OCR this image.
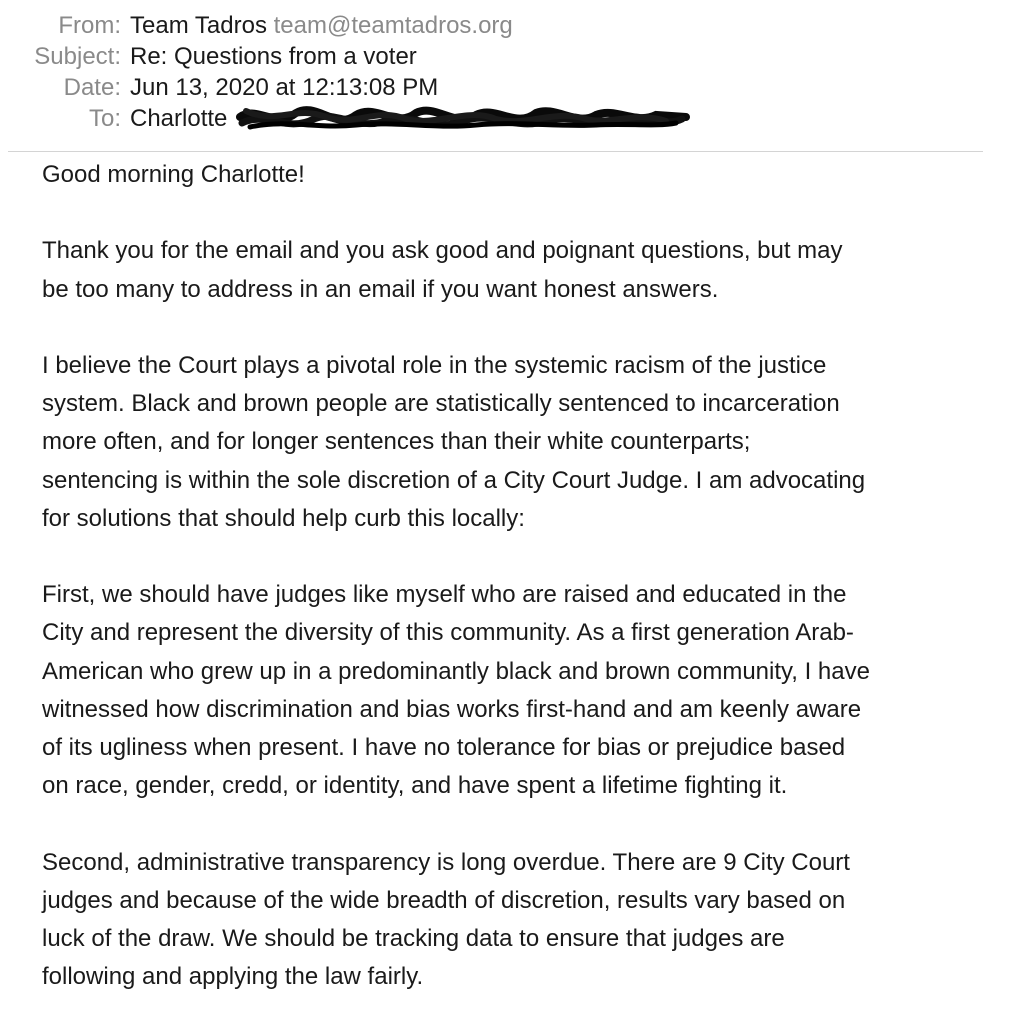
From: Team Tadros team@teamtadros.org
Subject: Re: Questions from a voter
Date: Jun 13, 2020 at 12:13:08 PM
To: Charlotte

Good morning Charlotte!

Thank you for the email and you ask good and poignant questions, but may
be too many to address in an email if you want honest answers.

I believe the Court plays a pivotal role in the systemic racism of the justice
system. Black and brown people are statistically sentenced to incarceration
more often, and for longer sentences than their white counterparts;
sentencing is within the sole discretion of a City Court Judge. I am advocating
for solutions that should help curb this locally:

First, we should have judges like myself who are raised and educated in the
City and represent the diversity of this community. As a first generation Arab-
American who grew up in a predominantly black and brown community, I have
witnessed how discrimination and bias works first-hand and am keenly aware
of its ugliness when present. I have no tolerance for bias or prejudice based
on race, gender, credd, or identity, and have spent a lifetime fighting it.

Second, administrative transparency is long overdue. There are 9 City Court
judges and because of the wide breadth of discretion, results vary based on
luck of the draw. We should be tracking data to ensure that judges are
following and applying the law fairly.
